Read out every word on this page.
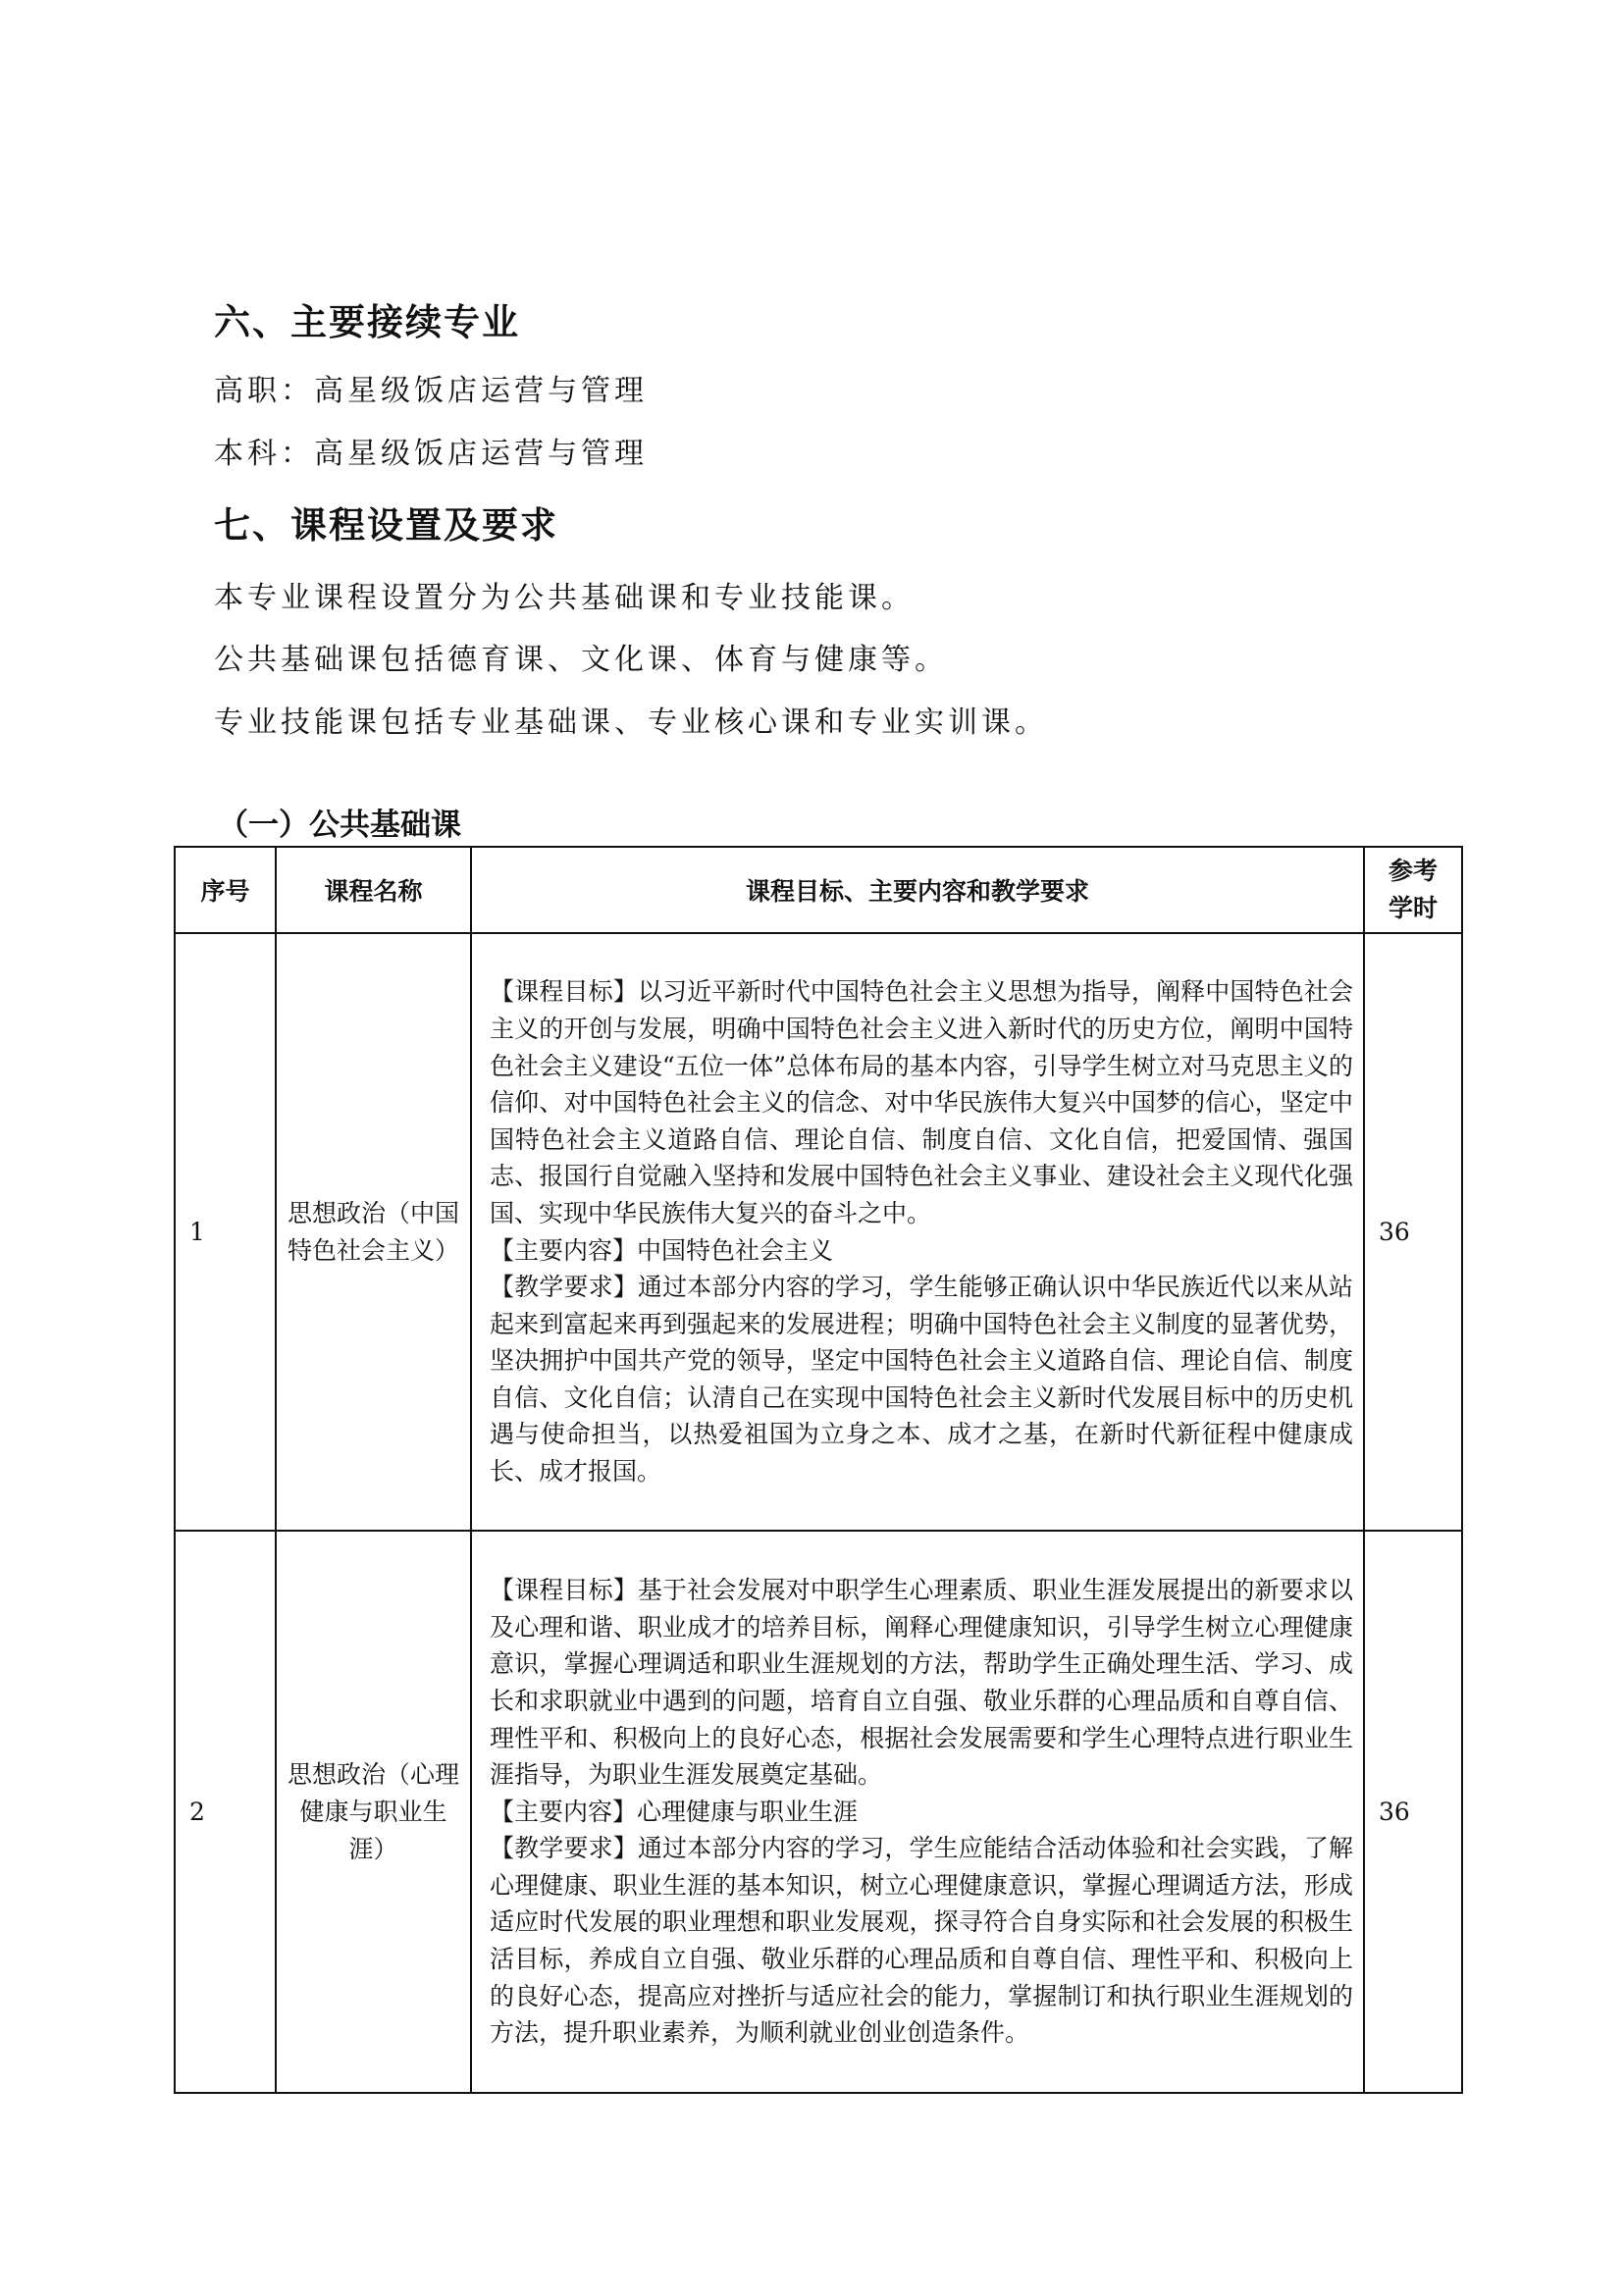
六、主要接续专业

高职：高星级饭店运营与管理

本科：高星级饭店运营与管理

七、课程设置及要求

本专业课程设置分为公共基础课和专业技能课。

公共基础课包括德育课、文化课、体育与健康等。

专业技能课包括专业基础课、专业核心课和专业实训课。

（一）公共基础课
序号	课程名称	课程目标、主要内容和教学要求	参考学时
1	思想政治（中国特色社会主义）	【课程目标】以习近平新时代中国特色社会主义思想为指导，阐释中国特色社会主义的开创与发展，明确中国特色社会主义进入新时代的历史方位，阐明中国特色社会主义建设“五位一体”总体布局的基本内容，引导学生树立对马克思主义的信仰、对中国特色社会主义的信念、对中华民族伟大复兴中国梦的信心，坚定中国特色社会主义道路自信、理论自信、制度自信、文化自信，把爱国情、强国志、报国行自觉融入坚持和发展中国特色社会主义事业、建设社会主义现代化强国、实现中华民族伟大复兴的奋斗之中。
【主要内容】中国特色社会主义
【教学要求】通过本部分内容的学习，学生能够正确认识中华民族近代以来从站起来到富起来再到强起来的发展进程；明确中国特色社会主义制度的显著优势，坚决拥护中国共产党的领导，坚定中国特色社会主义道路自信、理论自信、制度自信、文化自信；认清自己在实现中国特色社会主义新时代发展目标中的历史机遇与使命担当，以热爱祖国为立身之本、成才之基，在新时代新征程中健康成长、成才报国。	36
2	思想政治（心理健康与职业生涯）	【课程目标】基于社会发展对中职学生心理素质、职业生涯发展提出的新要求以及心理和谐、职业成才的培养目标，阐释心理健康知识，引导学生树立心理健康意识，掌握心理调适和职业生涯规划的方法，帮助学生正确处理生活、学习、成长和求职就业中遇到的问题，培育自立自强、敬业乐群的心理品质和自尊自信、理性平和、积极向上的良好心态，根据社会发展需要和学生心理特点进行职业生涯指导，为职业生涯发展奠定基础。
【主要内容】心理健康与职业生涯
【教学要求】通过本部分内容的学习，学生应能结合活动体验和社会实践，了解心理健康、职业生涯的基本知识，树立心理健康意识，掌握心理调适方法，形成适应时代发展的职业理想和职业发展观，探寻符合自身实际和社会发展的积极生活目标，养成自立自强、敬业乐群的心理品质和自尊自信、理性平和、积极向上的良好心态，提高应对挫折与适应社会的能力，掌握制订和执行职业生涯规划的方法，提升职业素养，为顺利就业创业创造条件。	36
